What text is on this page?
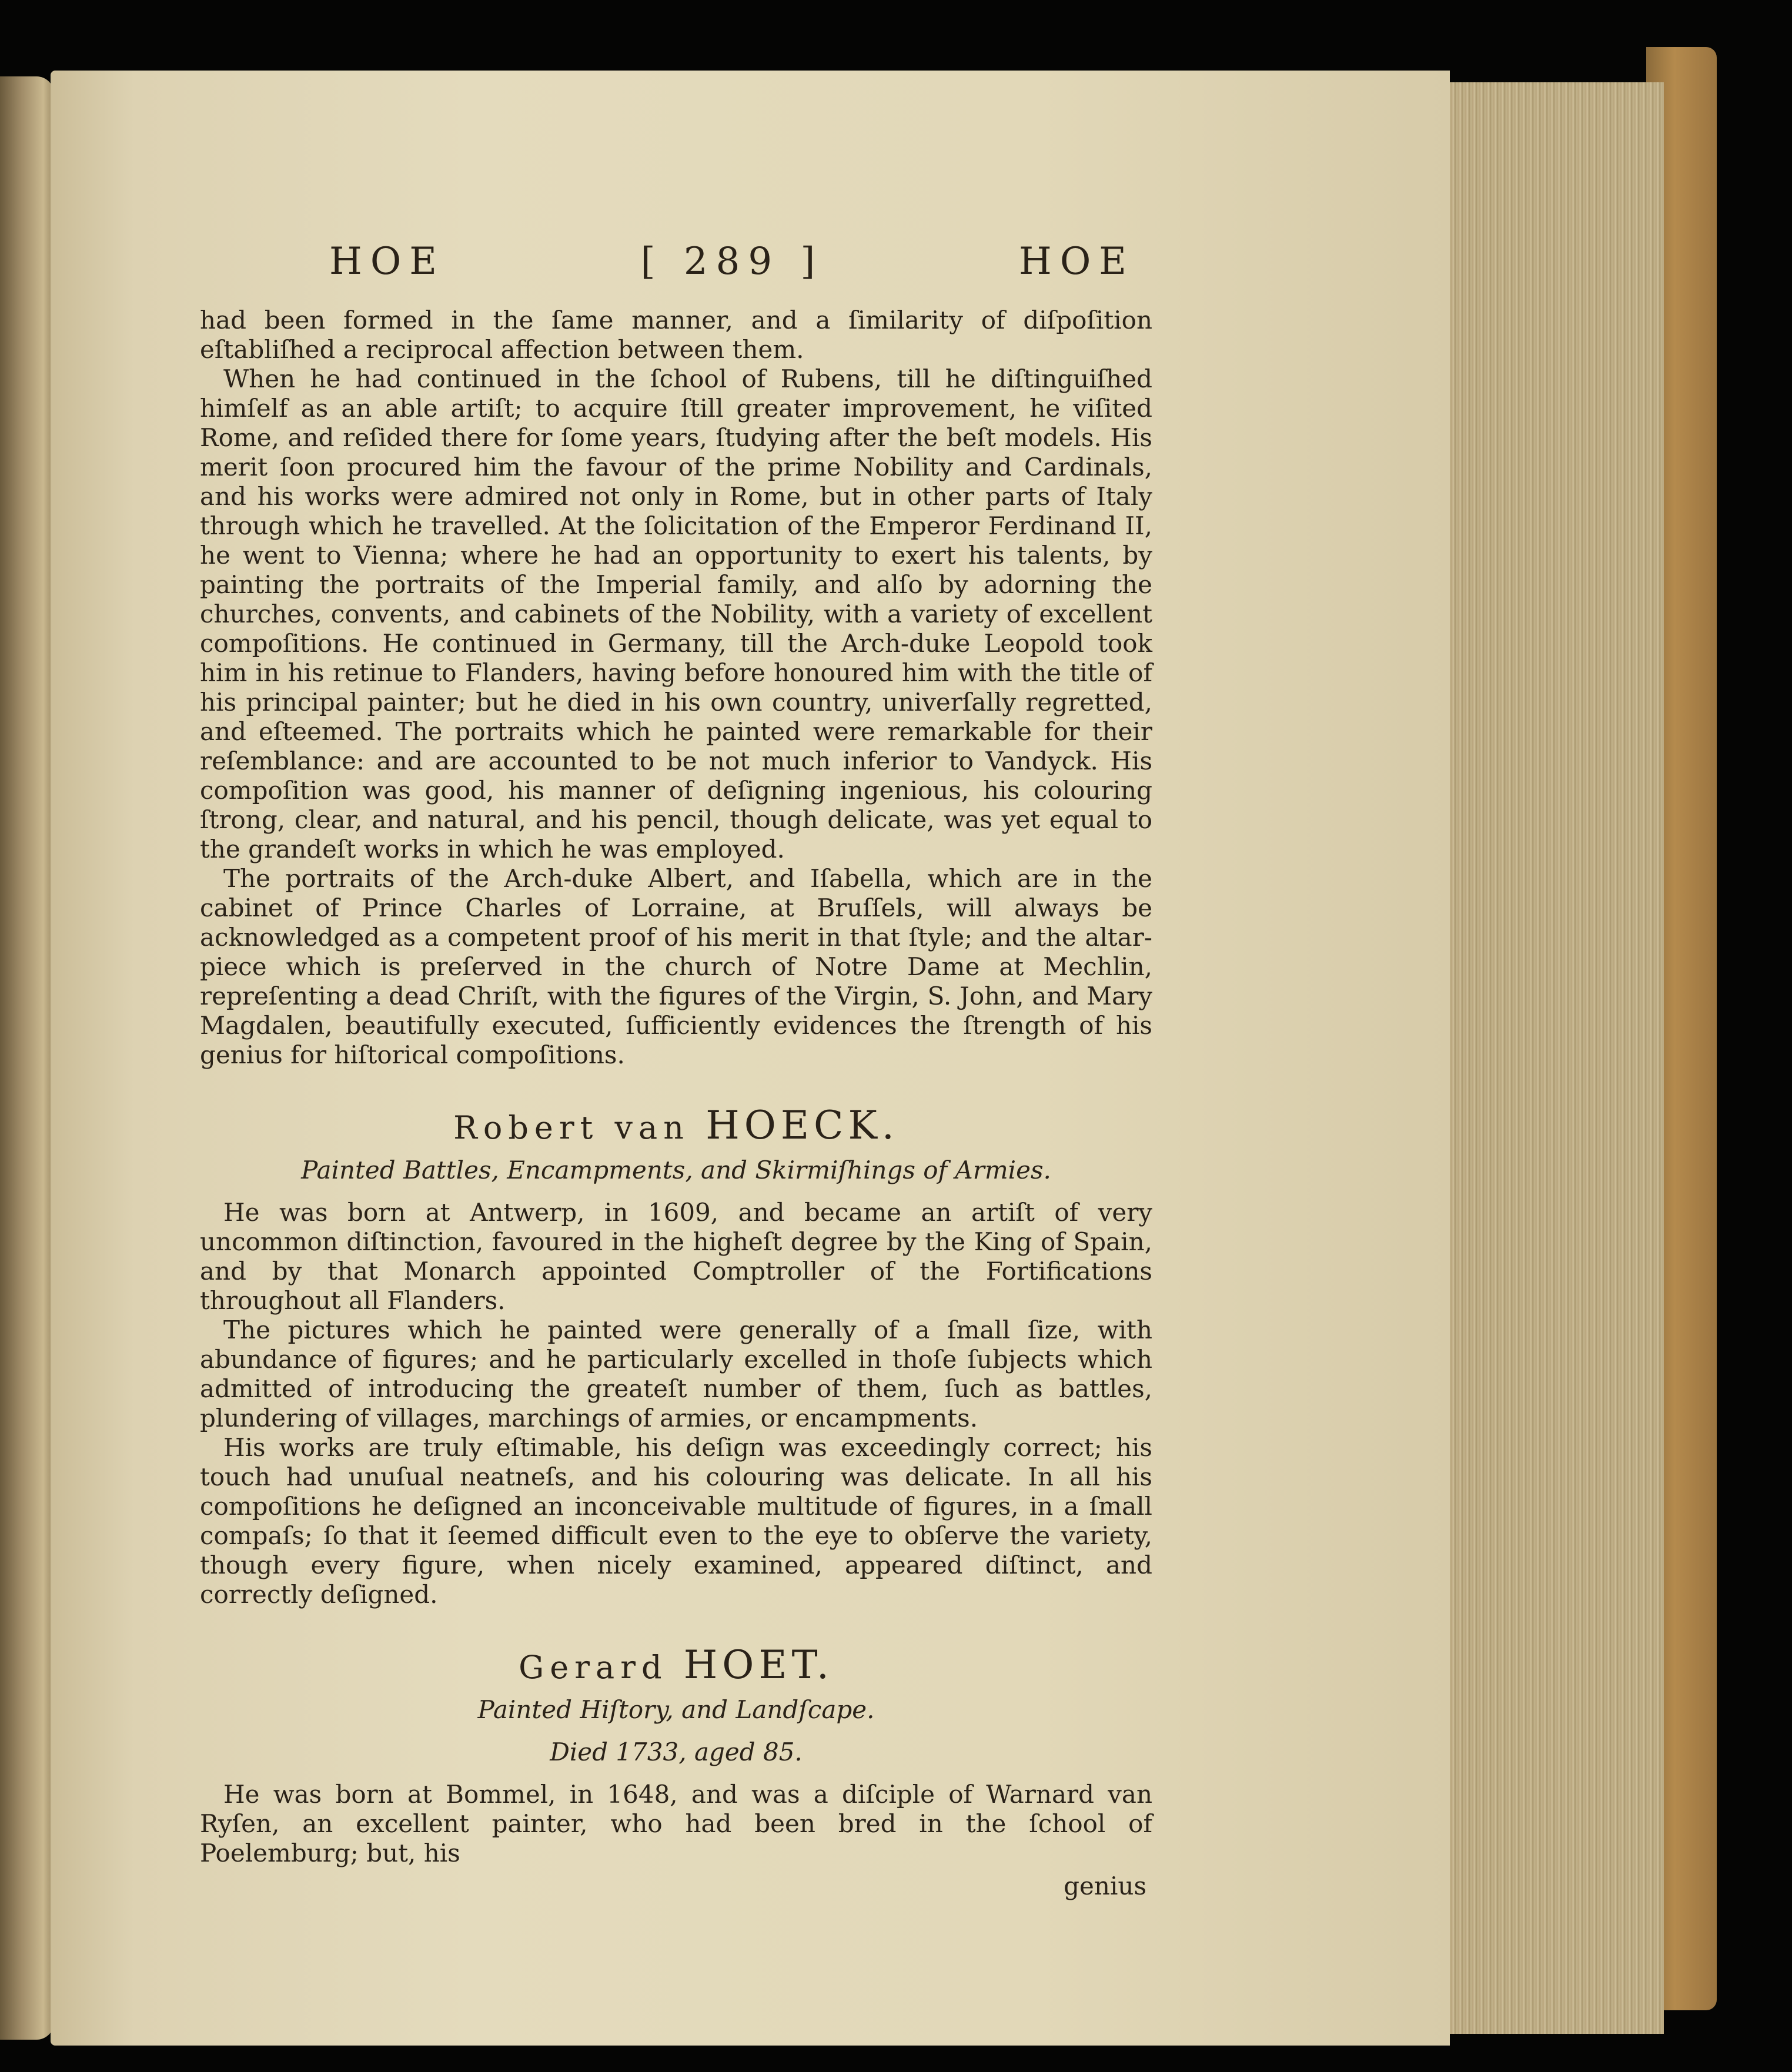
HOE	[ 289 ]	HOE

had been formed in the ſame manner, and a ſimilarity of diſpoſition eſtabliſhed a reciprocal affection between them.

When he had continued in the ſchool of Rubens, till he diſtinguiſhed himſelf as an able artiſt; to acquire ſtill greater improvement, he viſited Rome, and reſided there for ſome years, ſtudying after the beſt models. His merit ſoon procured him the favour of the prime Nobility and Cardinals, and his works were admired not only in Rome, but in other parts of Italy through which he travelled. At the ſolicitation of the Emperor Ferdinand II, he went to Vienna; where he had an opportunity to exert his talents, by painting the portraits of the Imperial family, and alſo by adorning the churches, convents, and cabinets of the Nobility, with a variety of excellent compoſitions. He continued in Germany, till the Arch-duke Leopold took him in his retinue to Flanders, having before honoured him with the title of his principal painter; but he died in his own country, univerſally regretted, and eſteemed. The portraits which he painted were remarkable for their reſemblance: and are accounted to be not much inferior to Vandyck. His compoſition was good, his manner of deſigning ingenious, his colouring ſtrong, clear, and natural, and his pencil, though delicate, was yet equal to the grandeſt works in which he was employed.

The portraits of the Arch-duke Albert, and Iſabella, which are in the cabinet of Prince Charles of Lorraine, at Bruſſels, will always be acknowledged as a competent proof of his merit in that ſtyle; and the altar-piece which is preſerved in the church of Notre Dame at Mechlin, repreſenting a dead Chriſt, with the figures of the Virgin, S. John, and Mary Magdalen, beautifully executed, ſufficiently evidences the ſtrength of his genius for hiſtorical compoſitions.

Robert van HOECK.
Painted Battles, Encampments, and Skirmiſhings of Armies.

He was born at Antwerp, in 1609, and became an artiſt of very uncommon diſtinction, favoured in the higheſt degree by the King of Spain, and by that Monarch appointed Comptroller of the Fortifications throughout all Flanders.

The pictures which he painted were generally of a ſmall ſize, with abundance of figures; and he particularly excelled in thoſe ſubjects which admitted of introducing the greateſt number of them, ſuch as battles, plundering of villages, marchings of armies, or encampments.

His works are truly eſtimable, his deſign was exceedingly correct; his touch had unuſual neatneſs, and his colouring was delicate. In all his compoſitions he deſigned an inconceivable multitude of figures, in a ſmall compaſs; ſo that it ſeemed difficult even to the eye to obſerve the variety, though every figure, when nicely examined, appeared diſtinct, and correctly deſigned.

Gerard HOET.
Painted Hiſtory, and Landſcape.
Died 1733, aged 85.

He was born at Bommel, in 1648, and was a diſciple of Warnard van Ryſen, an excellent painter, who had been bred in the ſchool of Poelemburg; but, his

genius
